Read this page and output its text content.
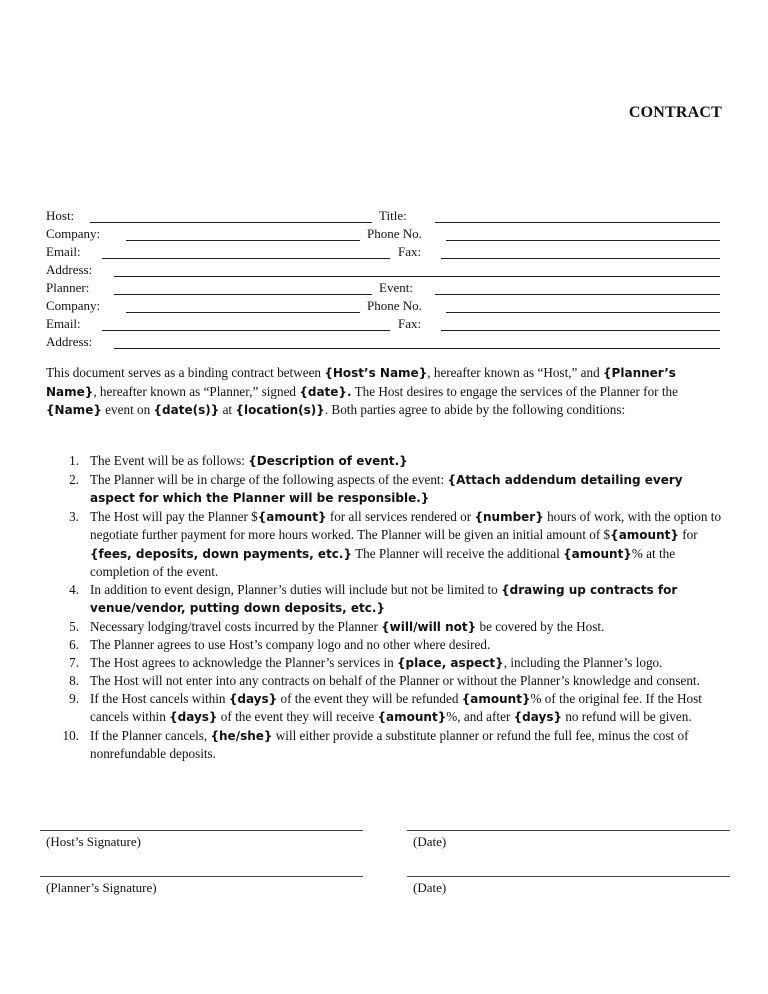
CONTRACT
Host:	Title:
Company:	Phone No.
Email:	Fax:
Address:
Planner:	Event:
Company:	Phone No.
Email:	Fax:
Address:

This document serves as a binding contract between {Host’s Name}, hereafter known as “Host,” and {Planner’s Name}, hereafter known as “Planner,” signed {date}. The Host desires to engage the services of the Planner for the {Name} event on {date(s)} at {location(s)}. Both parties agree to abide by the following conditions:

1. The Event will be as follows: {Description of event.}
2. The Planner will be in charge of the following aspects of the event: {Attach addendum detailing every aspect for which the Planner will be responsible.}
3. The Host will pay the Planner ${amount} for all services rendered or {number} hours of work, with the option to negotiate further payment for more hours worked. The Planner will be given an initial amount of ${amount} for {fees, deposits, down payments, etc.} The Planner will receive the additional {amount}% at the completion of the event.
4. In addition to event design, Planner’s duties will include but not be limited to {drawing up contracts for venue/vendor, putting down deposits, etc.}
5. Necessary lodging/travel costs incurred by the Planner {will/will not} be covered by the Host.
6. The Planner agrees to use Host’s company logo and no other where desired.
7. The Host agrees to acknowledge the Planner’s services in {place, aspect}, including the Planner’s logo.
8. The Host will not enter into any contracts on behalf of the Planner or without the Planner’s knowledge and consent.
9. If the Host cancels within {days} of the event they will be refunded {amount}% of the original fee. If the Host cancels within {days} of the event they will receive {amount}%, and after {days} no refund will be given.
10. If the Planner cancels, {he/she} will either provide a substitute planner or refund the full fee, minus the cost of nonrefundable deposits.
(Host’s Signature)	(Date)
(Planner’s Signature)	(Date)
